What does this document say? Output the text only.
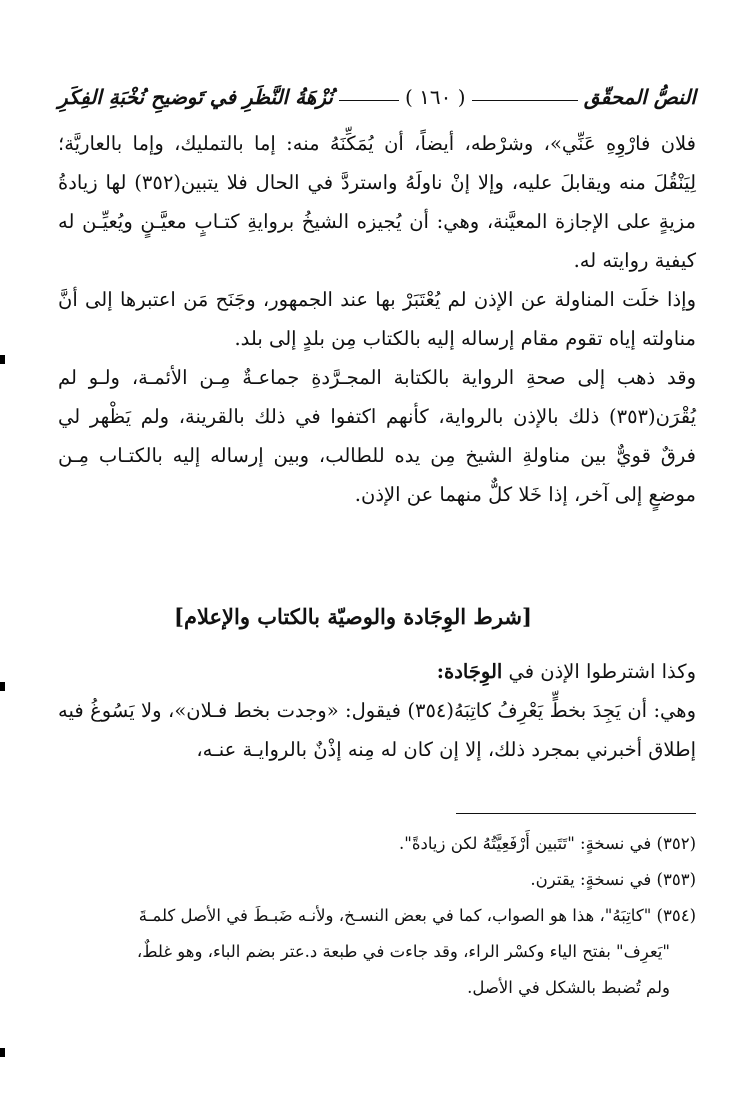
النصُّ المحقّق
( ١٦٠ )
نُزْهَةُ النَّظَرِ في تَوضيحِ نُخْبَةِ الفِكَرِ

فلان فارْوِهِ عَنِّي»، وشرْطه، أيضاً، أن يُمَكِّنَهُ منه: إما بالتمليك، وإما بالعاريَّة؛ لِيَنْقُلَ منه ويقابلَ عليه، وإلا إنْ ناولَهُ واستردَّ في الحال فلا يتبين(٣٥٢) لها زيادةُ مزيةٍ على الإجازة المعيَّنة، وهي: أن يُجيزه الشيخُ بروايةِ كتـابٍ معيَّـنٍ ويُعيِّـن له كيفية روايته له.

وإذا خلَت المناولة عن الإذن لم يُعْتَبَرْ بها عند الجمهور، وجَنَح مَن اعتبرها إلى أنَّ مناولته إياه تقوم مقام إرساله إليه بالكتاب مِن بلدٍ إلى بلد.

وقد ذهب إلى صحةِ الرواية بالكتابة المجـرَّدةِ جماعـةٌ مِـن الأئمـة، ولـو لم يُقْرَن(٣٥٣) ذلك بالإذن بالرواية، كأنهم اكتفوا في ذلك بالقرينة، ولم يَظْهر لي فرقٌ قويٌّ بين مناولةِ الشيخ مِن يده للطالب، وبين إرساله إليه بالكتـاب مِـن موضعٍ إلى آخر، إذا خَلا كلٌّ منهما عن الإذن.

[شرط الوِجَادة والوصيّة بالكتاب والإعلام]

وكذا اشترطوا الإذن في الوِجَادة:

وهي: أن يَجِدَ بخطٍّ يَعْرِفُ كاتِبَهُ(٣٥٤) فيقول: «وجدت بخط فـلان»، ولا يَسُوغُ فيه إطلاق أخبرني بمجرد ذلك، إلا إن كان له مِنه إذْنٌ بالروايـة عنـه،

(٣٥٢) في نسخةٍ: "تَتَبين أَرْفَعِيَّتُهُ لكن زيادةً".

(٣٥٣) في نسخةٍ: يقترن.

(٣٥٤) "كاتِبَهُ"، هذا هو الصواب، كما في بعض النسـخ، ولأنـه ضَبـطَ في الأصل كلمـةَ

"يَعرِف" بفتح الياء وكسْر الراء، وقد جاءت في طبعة د.عتر بضم الباء، وهو غلطٌ،

ولم تُضبط بالشكل في الأصل.
